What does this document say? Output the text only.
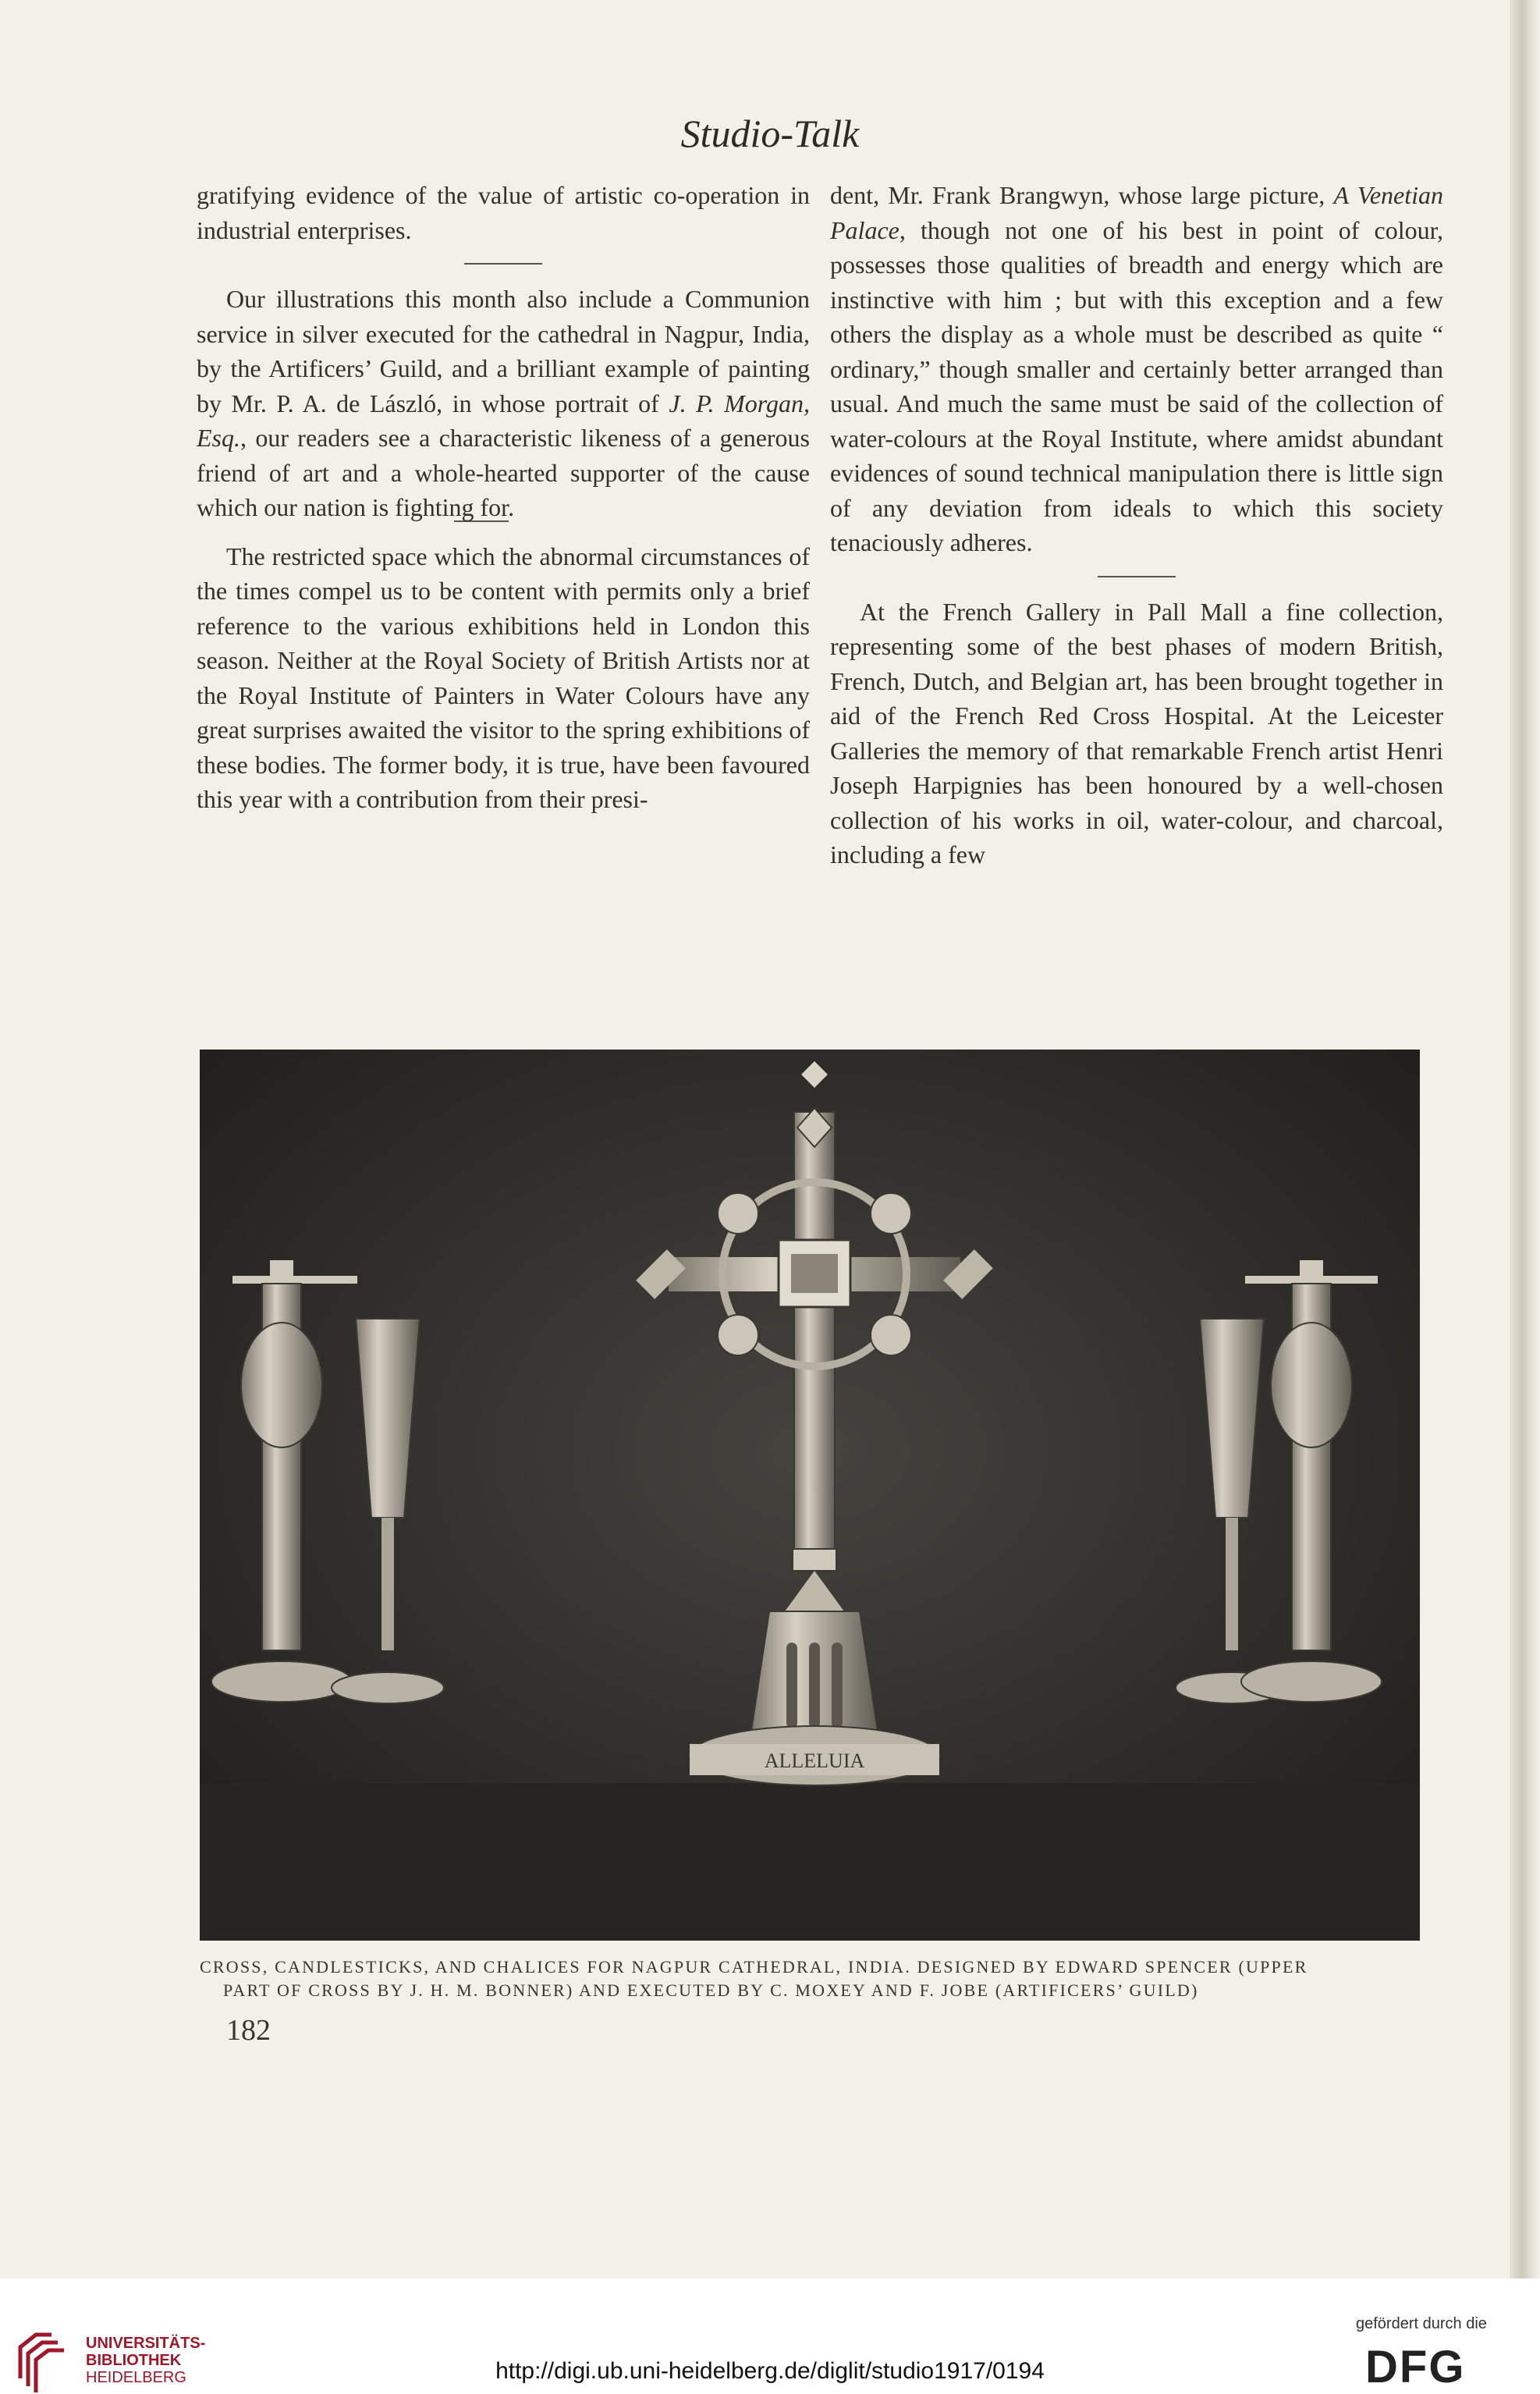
Studio-Talk

gratifying evidence of the value of artistic co-operation in industrial enterprises.

Our illustrations this month also include a Communion service in silver executed for the cathedral in Nagpur, India, by the Artificers’ Guild, and a brilliant example of painting by Mr. P. A. de László, in whose portrait of J. P. Morgan, Esq., our readers see a characteristic likeness of a generous friend of art and a whole-hearted supporter of the cause which our nation is fighting for.

The restricted space which the abnormal circumstances of the times compel us to be content with permits only a brief reference to the various exhibitions held in London this season. Neither at the Royal Society of British Artists nor at the Royal Institute of Painters in Water Colours have any great surprises awaited the visitor to the spring exhibitions of these bodies. The former body, it is true, have been favoured this year with a contribution from their presi-

dent, Mr. Frank Brangwyn, whose large picture, A Venetian Palace, though not one of his best in point of colour, possesses those qualities of breadth and energy which are instinctive with him ; but with this exception and a few others the display as a whole must be described as quite “ ordinary,” though smaller and certainly better arranged than usual. And much the same must be said of the collection of water-colours at the Royal Institute, where amidst abundant evidences of sound technical manipulation there is little sign of any deviation from ideals to which this society tenaciously adheres.

At the French Gallery in Pall Mall a fine collection, representing some of the best phases of modern British, French, Dutch, and Belgian art, has been brought together in aid of the French Red Cross Hospital. At the Leicester Galleries the memory of that remarkable French artist Henri Joseph Harpignies has been honoured by a well-chosen collection of his works in oil, water-colour, and charcoal, including a few

ALLELUIA
CROSS, CANDLESTICKS, AND CHALICES FOR NAGPUR CATHEDRAL, INDIA. DESIGNED BY EDWARD SPENCER (UPPER
PART OF CROSS BY J. H. M. BONNER) AND EXECUTED BY C. MOXEY AND F. JOBE (ARTIFICERS’ GUILD)
182
UNIVERSITÄTS-
BIBLIOTHEK
HEIDELBERG	http://digi.ub.uni-heidelberg.de/diglit/studio1917/0194
gefördert durch die
DFG
